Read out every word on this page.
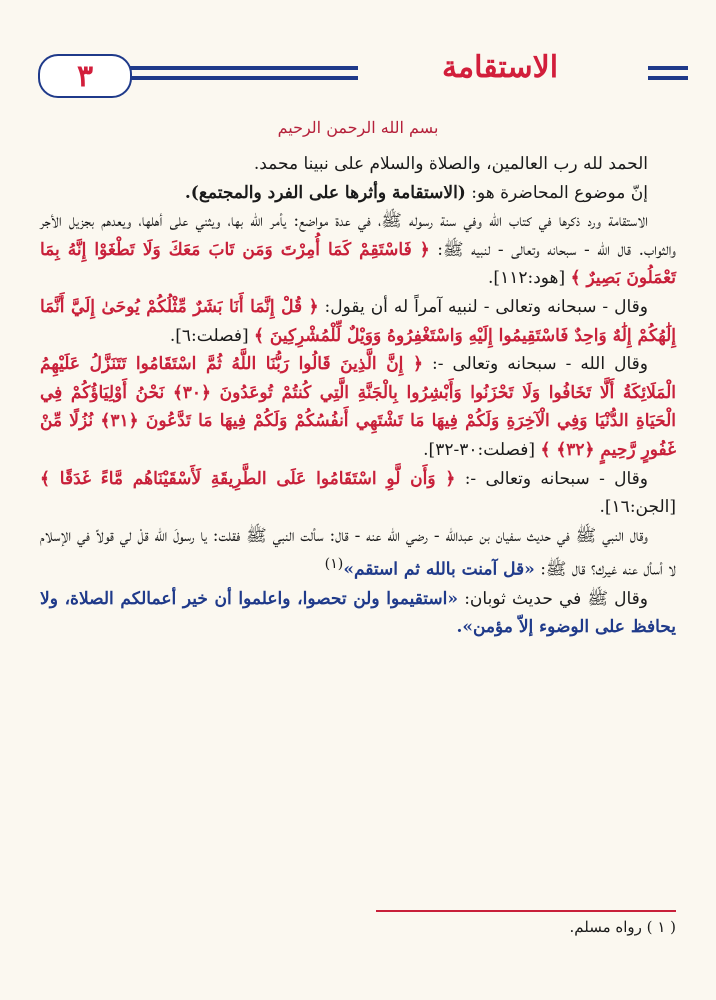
٣	الاستقامة
بسم الله الرحمن الرحيم

الحمد لله رب العالمين، والصلاة والسلام على نبينا محمد.

إنّ موضوع المحاضرة هو: (الاستقامة وأثرها على الفرد والمجتمع).

الاستقامة ورد ذكرها في كتاب الله وفي سنة رسوله ﷺ، في عدة مواضع: يأمر الله بها، ويثني على أهلها، ويعدهم بجزيل الأجر والثواب. قال الله - سبحانه وتعالى - لنبيه ﷺ: ﴿ فَاسْتَقِمْ كَمَا أُمِرْتَ وَمَن تَابَ مَعَكَ وَلَا تَطْغَوْا إِنَّهُ بِمَا تَعْمَلُونَ بَصِيرٌ ﴾ [هود:١١٢].

وقال - سبحانه وتعالى - لنبيه آمراً له أن يقول: ﴿ قُلْ إِنَّمَا أَنَا بَشَرٌ مِّثْلُكُمْ يُوحَىٰ إِلَيَّ أَنَّمَا إِلَٰهُكُمْ إِلَٰهٌ وَاحِدٌ فَاسْتَقِيمُوا إِلَيْهِ وَاسْتَغْفِرُوهُ وَوَيْلٌ لِّلْمُشْرِكِينَ ﴾ [فصلت:٦].

وقال الله - سبحانه وتعالى -: ﴿ إِنَّ الَّذِينَ قَالُوا رَبُّنَا اللَّهُ ثُمَّ اسْتَقَامُوا تَتَنَزَّلُ عَلَيْهِمُ الْمَلَائِكَةُ أَلَّا تَخَافُوا وَلَا تَحْزَنُوا وَأَبْشِرُوا بِالْجَنَّةِ الَّتِي كُنتُمْ تُوعَدُونَ ﴿٣٠﴾ نَحْنُ أَوْلِيَاؤُكُمْ فِي الْحَيَاةِ الدُّنْيَا وَفِي الْآخِرَةِ وَلَكُمْ فِيهَا مَا تَشْتَهِي أَنفُسُكُمْ وَلَكُمْ فِيهَا مَا تَدَّعُونَ ﴿٣١﴾ نُزُلًا مِّنْ غَفُورٍ رَّحِيمٍ ﴿٣٢﴾ ﴾ [فصلت:٣٠-٣٢].

وقال - سبحانه وتعالى -: ﴿ وَأَن لَّوِ اسْتَقَامُوا عَلَى الطَّرِيقَةِ لَأَسْقَيْنَاهُم مَّاءً غَدَقًا ﴾ [الجن:١٦].

وقال النبي ﷺ في حديث سفيان بن عبدالله - رضي الله عنه - قال: سألت النبي ﷺ فقلت: يا رسولَ الله قلْ لي قولاً في الإسلام لا أسأل عنه غيرك؟ قال ﷺ: «قل آمنت بالله ثم استقم»$^{(١)}$

وقال ﷺ في حديث ثوبان: «استقيموا ولن تحصوا، واعلموا أن خير أعمالكم الصلاة، ولا يحافظ على الوضوء إلاّ مؤمن».

( ١ ) رواه مسلم.
